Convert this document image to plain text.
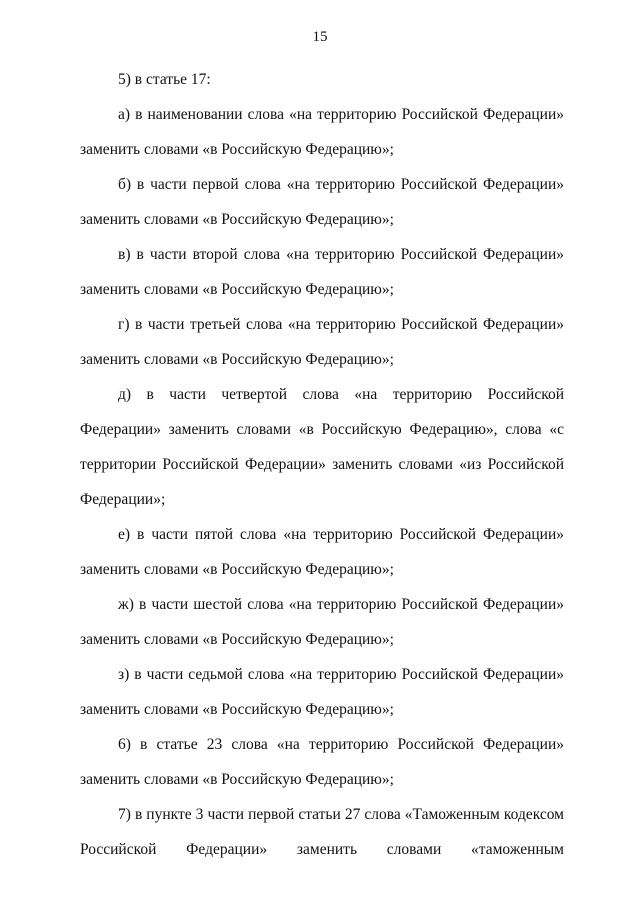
15

5) в статье 17:

а) в наименовании слова «на территорию Российской Федерации» заменить словами «в Российскую Федерацию»;

б) в части первой слова «на территорию Российской Федерации» заменить словами «в Российскую Федерацию»;

в) в части второй слова «на территорию Российской Федерации» заменить словами «в Российскую Федерацию»;

г) в части третьей слова «на территорию Российской Федерации» заменить словами «в Российскую Федерацию»;

д) в части четвертой слова «на территорию Российской Федерации» заменить словами «в Российскую Федерацию», слова «с территории Российской Федерации» заменить словами «из Российской Федерации»;

е) в части пятой слова «на территорию Российской Федерации» заменить словами «в Российскую Федерацию»;

ж) в части шестой слова «на территорию Российской Федерации» заменить словами «в Российскую Федерацию»;

з) в части седьмой слова «на территорию Российской Федерации» заменить словами «в Российскую Федерацию»;

6) в статье 23 слова «на территорию Российской Федерации» заменить словами «в Российскую Федерацию»;

7) в пункте 3 части первой статьи 27 слова «Таможенным кодексом Российской Федерации» заменить словами «таможенным
